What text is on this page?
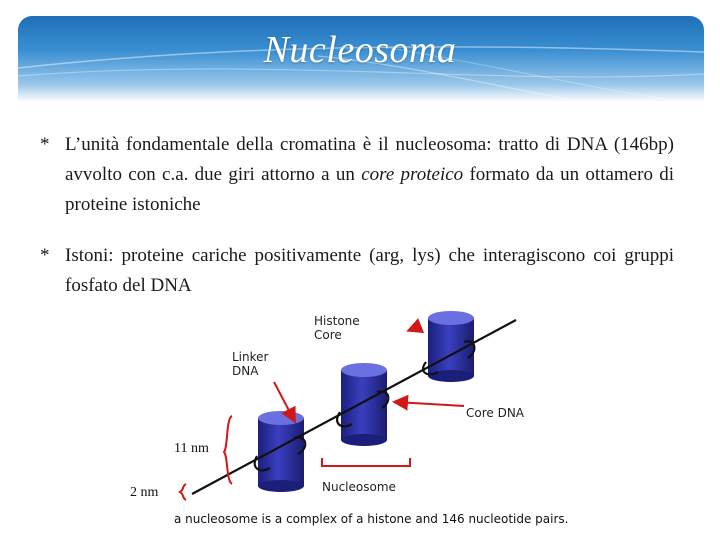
Nucleosoma
* L’unità fondamentale della cromatina è il nucleosoma: tratto di DNA (146bp) avvolto con c.a. due giri attorno a un core proteico formato da un ottamero di proteine istoniche
* Istoni: proteine cariche positivamente (arg, lys) che interagiscono coi gruppi fosfato del DNA
Histone
Core
Linker
DNA
Core DNA
Nucleosome
11 nm
2 nm
a nucleosome is a complex of a histone and 146 nucleotide pairs.
